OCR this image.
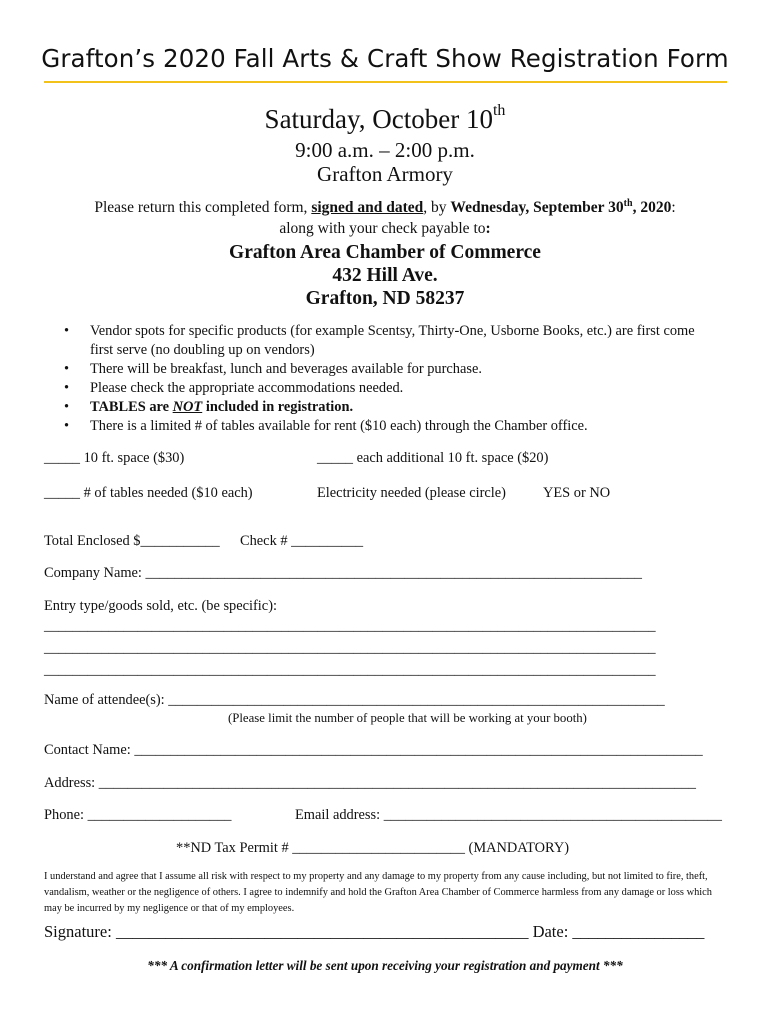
Grafton’s 2020 Fall Arts & Craft Show Registration Form
Saturday, October 10th
9:00 a.m. – 2:00 p.m.
Grafton Armory
Please return this completed form, signed and dated, by Wednesday, September 30th, 2020:
along with your check payable to:
Grafton Area Chamber of Commerce
432 Hill Ave.
Grafton, ND 58237
• Vendor spots for specific products (for example Scentsy, Thirty-One, Usborne Books, etc.) are first come first serve (no doubling up on vendors)
• There will be breakfast, lunch and beverages available for purchase.
• Please check the appropriate accommodations needed.
• TABLES are NOT included in registration.
• There is a limited # of tables available for rent ($10 each) through the Chamber office.
_____ 10 ft. space ($30)	_____ each additional 10 ft. space ($20)
_____ # of tables needed ($10 each)	Electricity needed (please circle)	YES or NO
Total Enclosed $___________ Check # __________
Company Name: _____________________________________________________________________
Entry type/goods sold, etc. (be specific):
_____________________________________________________________________________________
_____________________________________________________________________________________
_____________________________________________________________________________________
Name of attendee(s): _____________________________________________________________________
(Please limit the number of people that will be working at your booth)
Contact Name: _______________________________________________________________________________
Address: ___________________________________________________________________________________
Phone: ____________________	Email address: _______________________________________________
**ND Tax Permit # ________________________ (MANDATORY)
I understand and agree that I assume all risk with respect to my property and any damage to my property from any cause including, but not limited to fire, theft, vandalism, weather or the negligence of others. I agree to indemnify and hold the Grafton Area Chamber of Commerce harmless from any damage or loss which may be incurred by my negligence or that of my employees.
Signature: __________________________________________________ Date: ________________
*** A confirmation letter will be sent upon receiving your registration and payment ***
